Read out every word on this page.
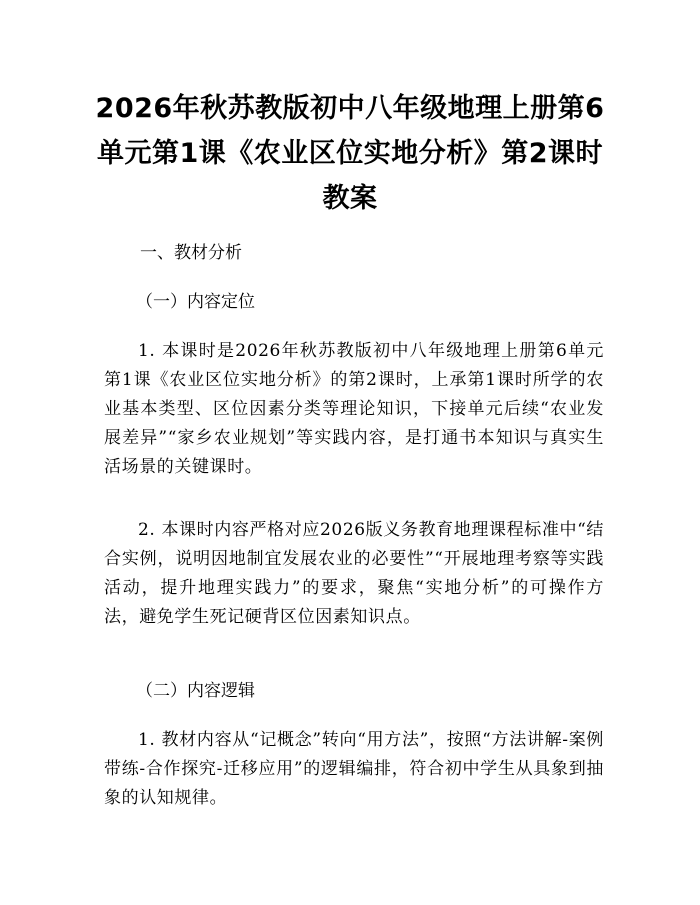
2026年秋苏教版初中八年级地理上册第6单元第1课《农业区位实地分析》第2课时教案

一、教材分析

（一）内容定位

1. 本课时是2026年秋苏教版初中八年级地理上册第6单元第1课《农业区位实地分析》的第2课时，上承第1课时所学的农业基本类型、区位因素分类等理论知识，下接单元后续“农业发展差异”“家乡农业规划”等实践内容，是打通书本知识与真实生活场景的关键课时。

2. 本课时内容严格对应2026版义务教育地理课程标准中“结合实例，说明因地制宜发展农业的必要性”“开展地理考察等实践活动，提升地理实践力”的要求，聚焦“实地分析”的可操作方法，避免学生死记硬背区位因素知识点。

（二）内容逻辑

1. 教材内容从“记概念”转向“用方法”，按照“方法讲解-案例带练-合作探究-迁移应用”的逻辑编排，符合初中学生从具象到抽象的认知规律。
